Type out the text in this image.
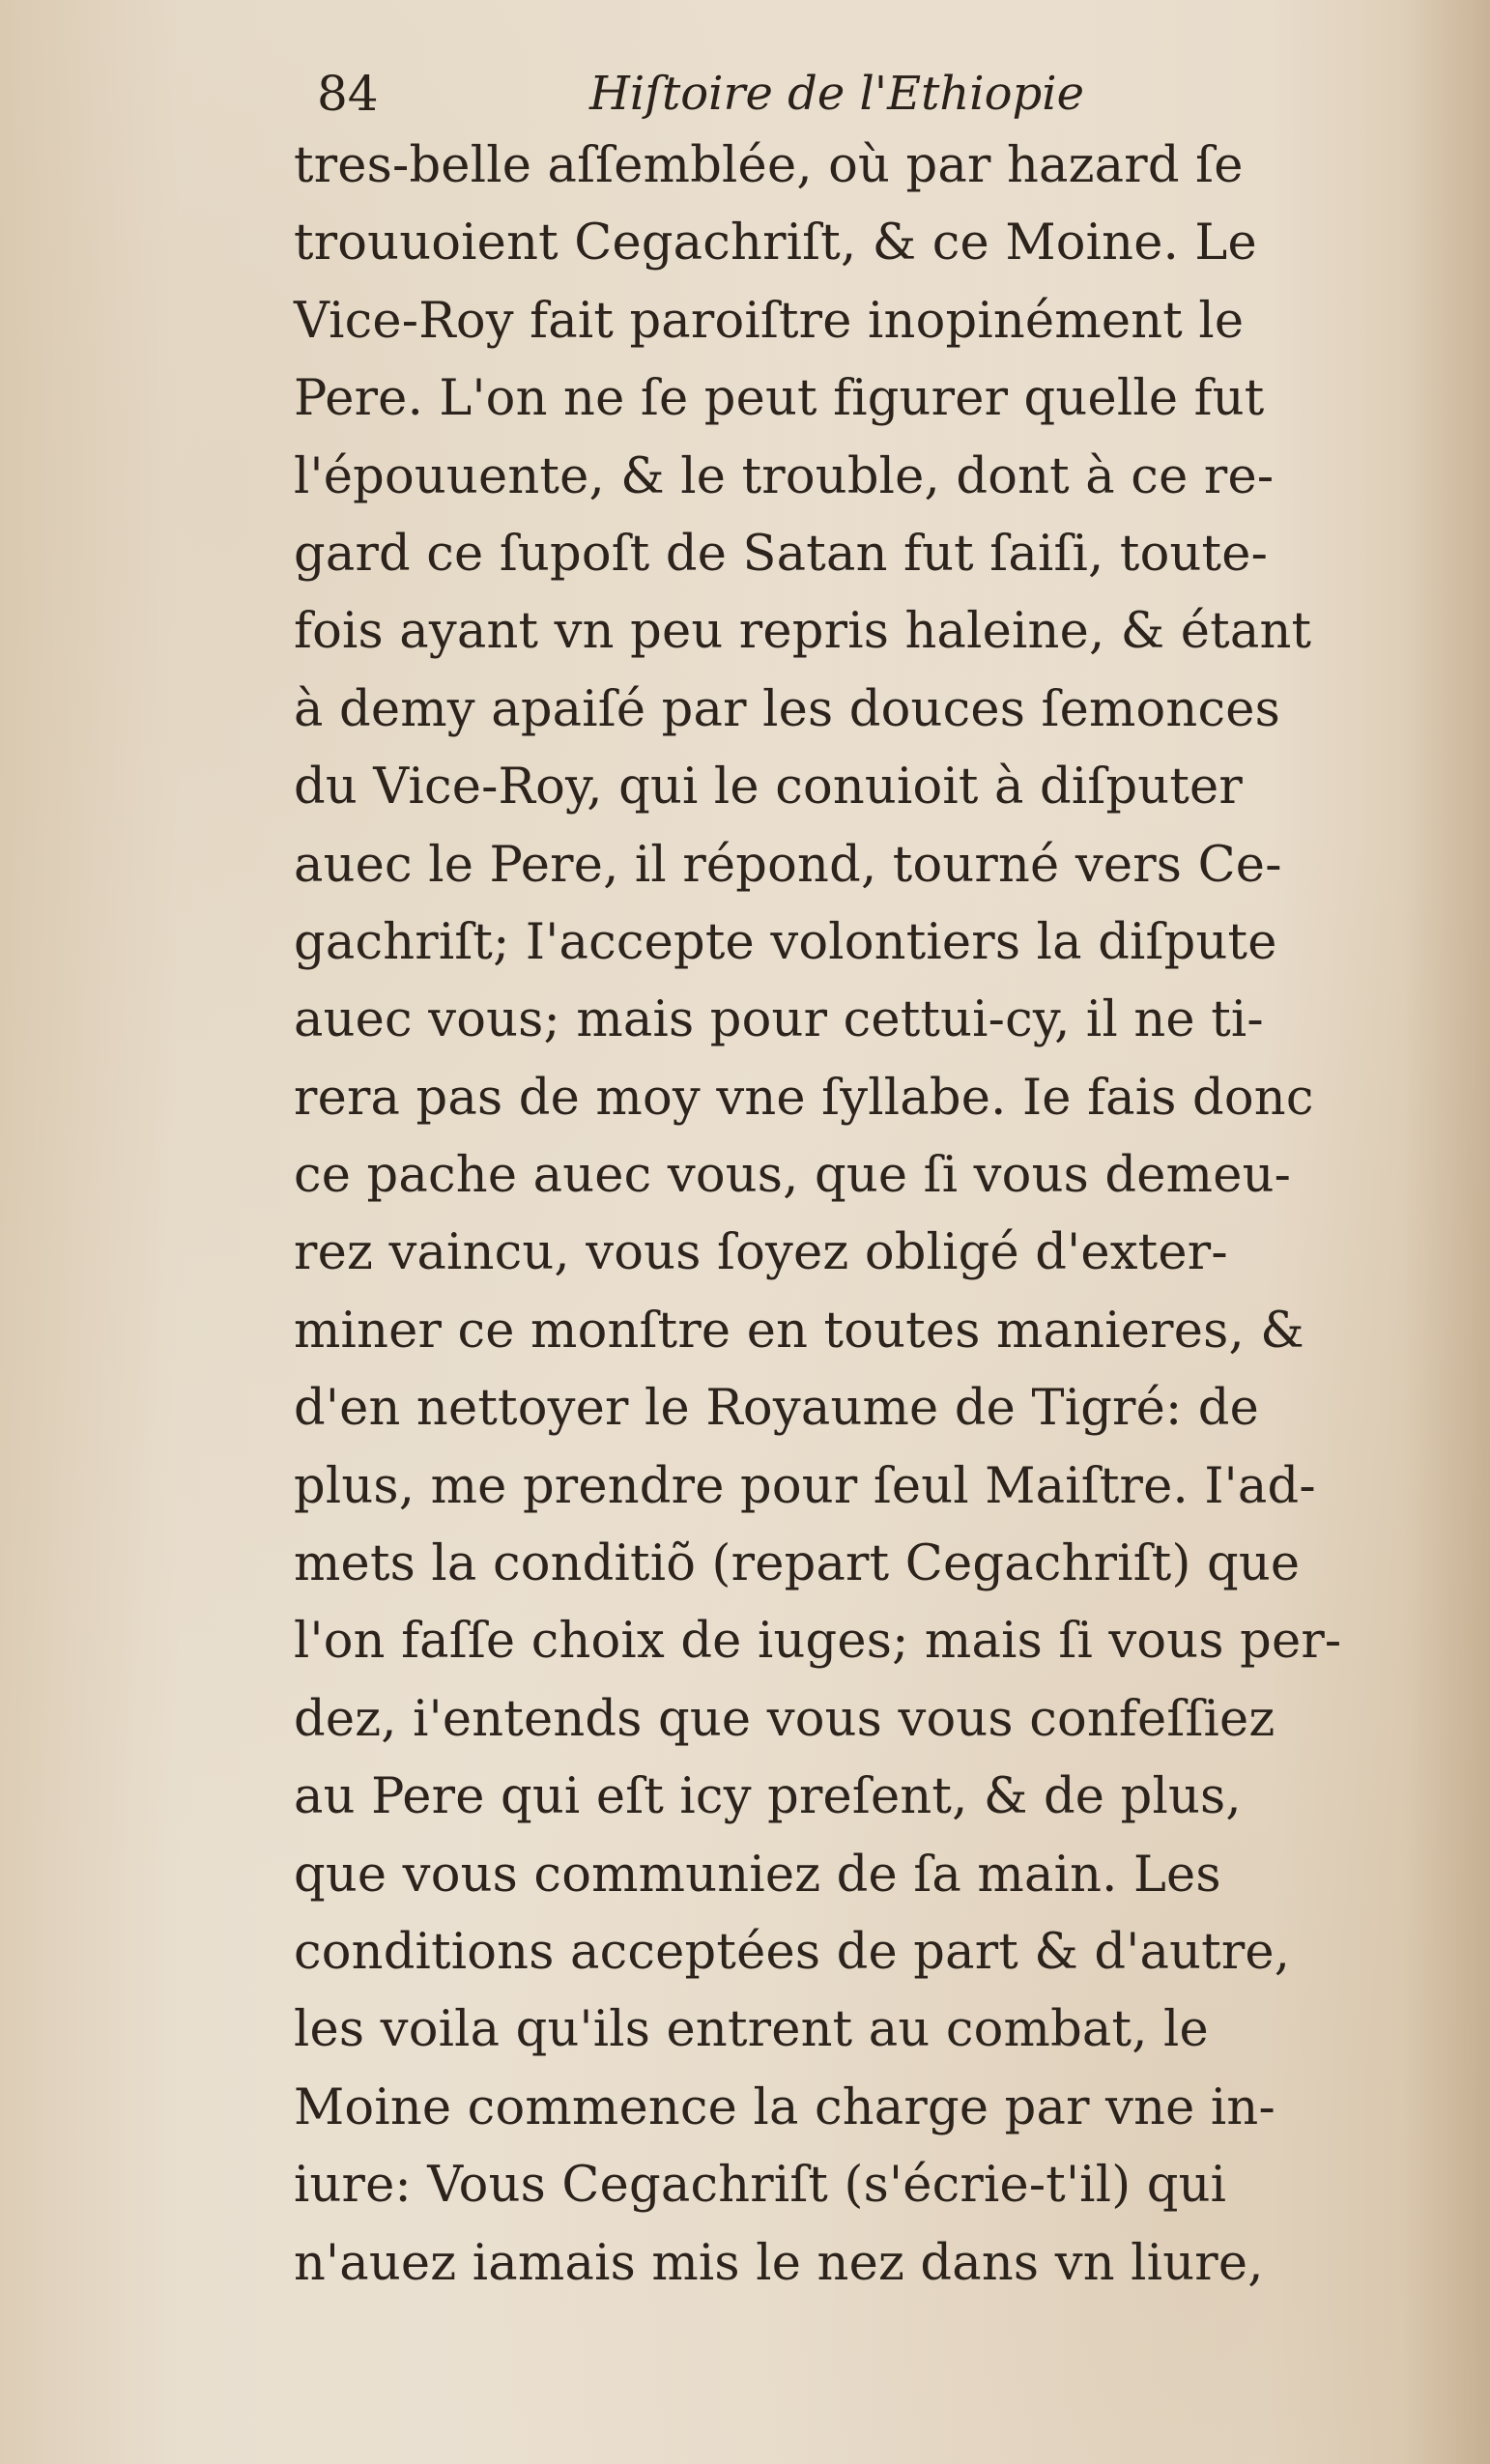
84	Hiſtoire de l'Ethiopie
tres-belle aſſemblée, où par hazard ſe
trouuoient Cegachriſt, & ce Moine. Le
Vice-Roy fait paroiſtre inopinément le
Pere. L'on ne ſe peut figurer quelle fut
l'épouuente, & le trouble, dont à ce re-
gard ce ſupoſt de Satan fut ſaiſi, toute-
fois ayant vn peu repris haleine, & étant
à demy apaiſé par les douces ſemonces
du Vice-Roy, qui le conuioit à diſputer
auec le Pere, il répond, tourné vers Ce-
gachriſt; I'accepte volontiers la diſpute
auec vous; mais pour cettui-cy, il ne ti-
rera pas de moy vne ſyllabe. Ie fais donc
ce pache auec vous, que ſi vous demeu-
rez vaincu, vous ſoyez obligé d'exter-
miner ce monſtre en toutes manieres, &
d'en nettoyer le Royaume de Tigré: de
plus, me prendre pour ſeul Maiſtre. I'ad-
mets la conditiõ (repart Cegachriſt) que
l'on faſſe choix de iuges; mais ſi vous per-
dez, i'entends que vous vous confeſſiez
au Pere qui eſt icy preſent, & de plus,
que vous communiez de ſa main. Les
conditions acceptées de part & d'autre,
les voila qu'ils entrent au combat, le
Moine commence la charge par vne in-
iure: Vous Cegachriſt (s'écrie-t'il) qui
n'auez iamais mis le nez dans vn liure,
